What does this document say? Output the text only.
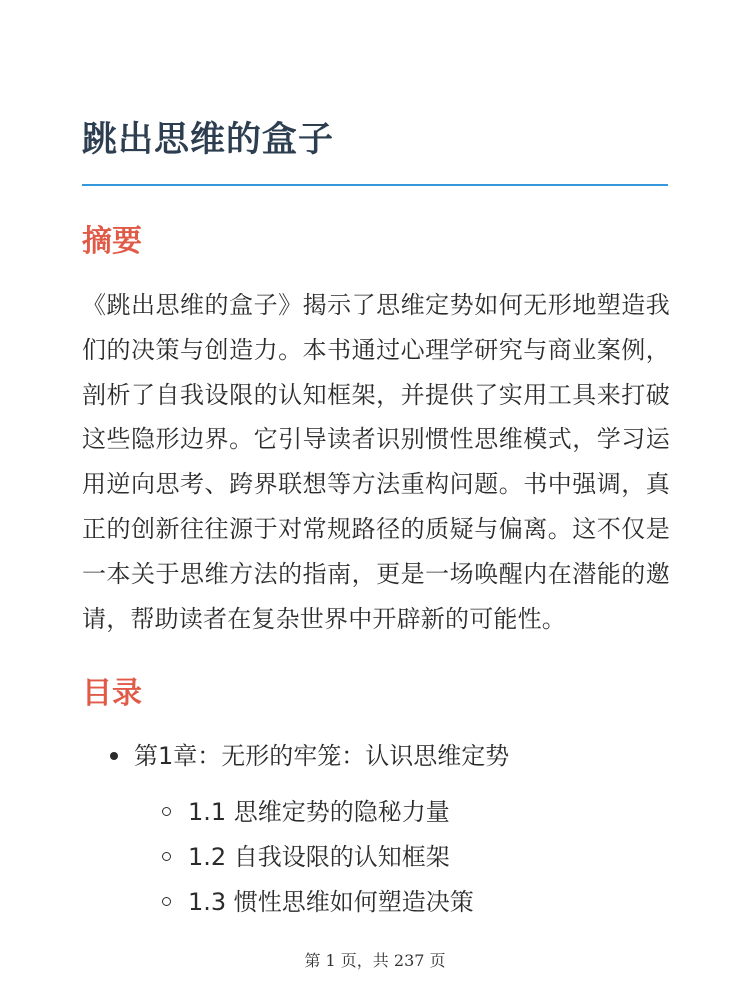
跳出思维的盒子
摘要

《跳出思维的盒子》揭示了思维定势如何无形地塑造我们的决策与创造力。本书通过心理学研究与商业案例，剖析了自我设限的认知框架，并提供了实用工具来打破这些隐形边界。它引导读者识别惯性思维模式，学习运用逆向思考、跨界联想等方法重构问题。书中强调，真正的创新往往源于对常规路径的质疑与偏离。这不仅是一本关于思维方法的指南，更是一场唤醒内在潜能的邀请，帮助读者在复杂世界中开辟新的可能性。

目录
第1章：无形的牢笼：认识思维定势
1.1 思维定势的隐秘力量
1.2 自我设限的认知框架
1.3 惯性思维如何塑造决策
第 1 页，共 237 页
